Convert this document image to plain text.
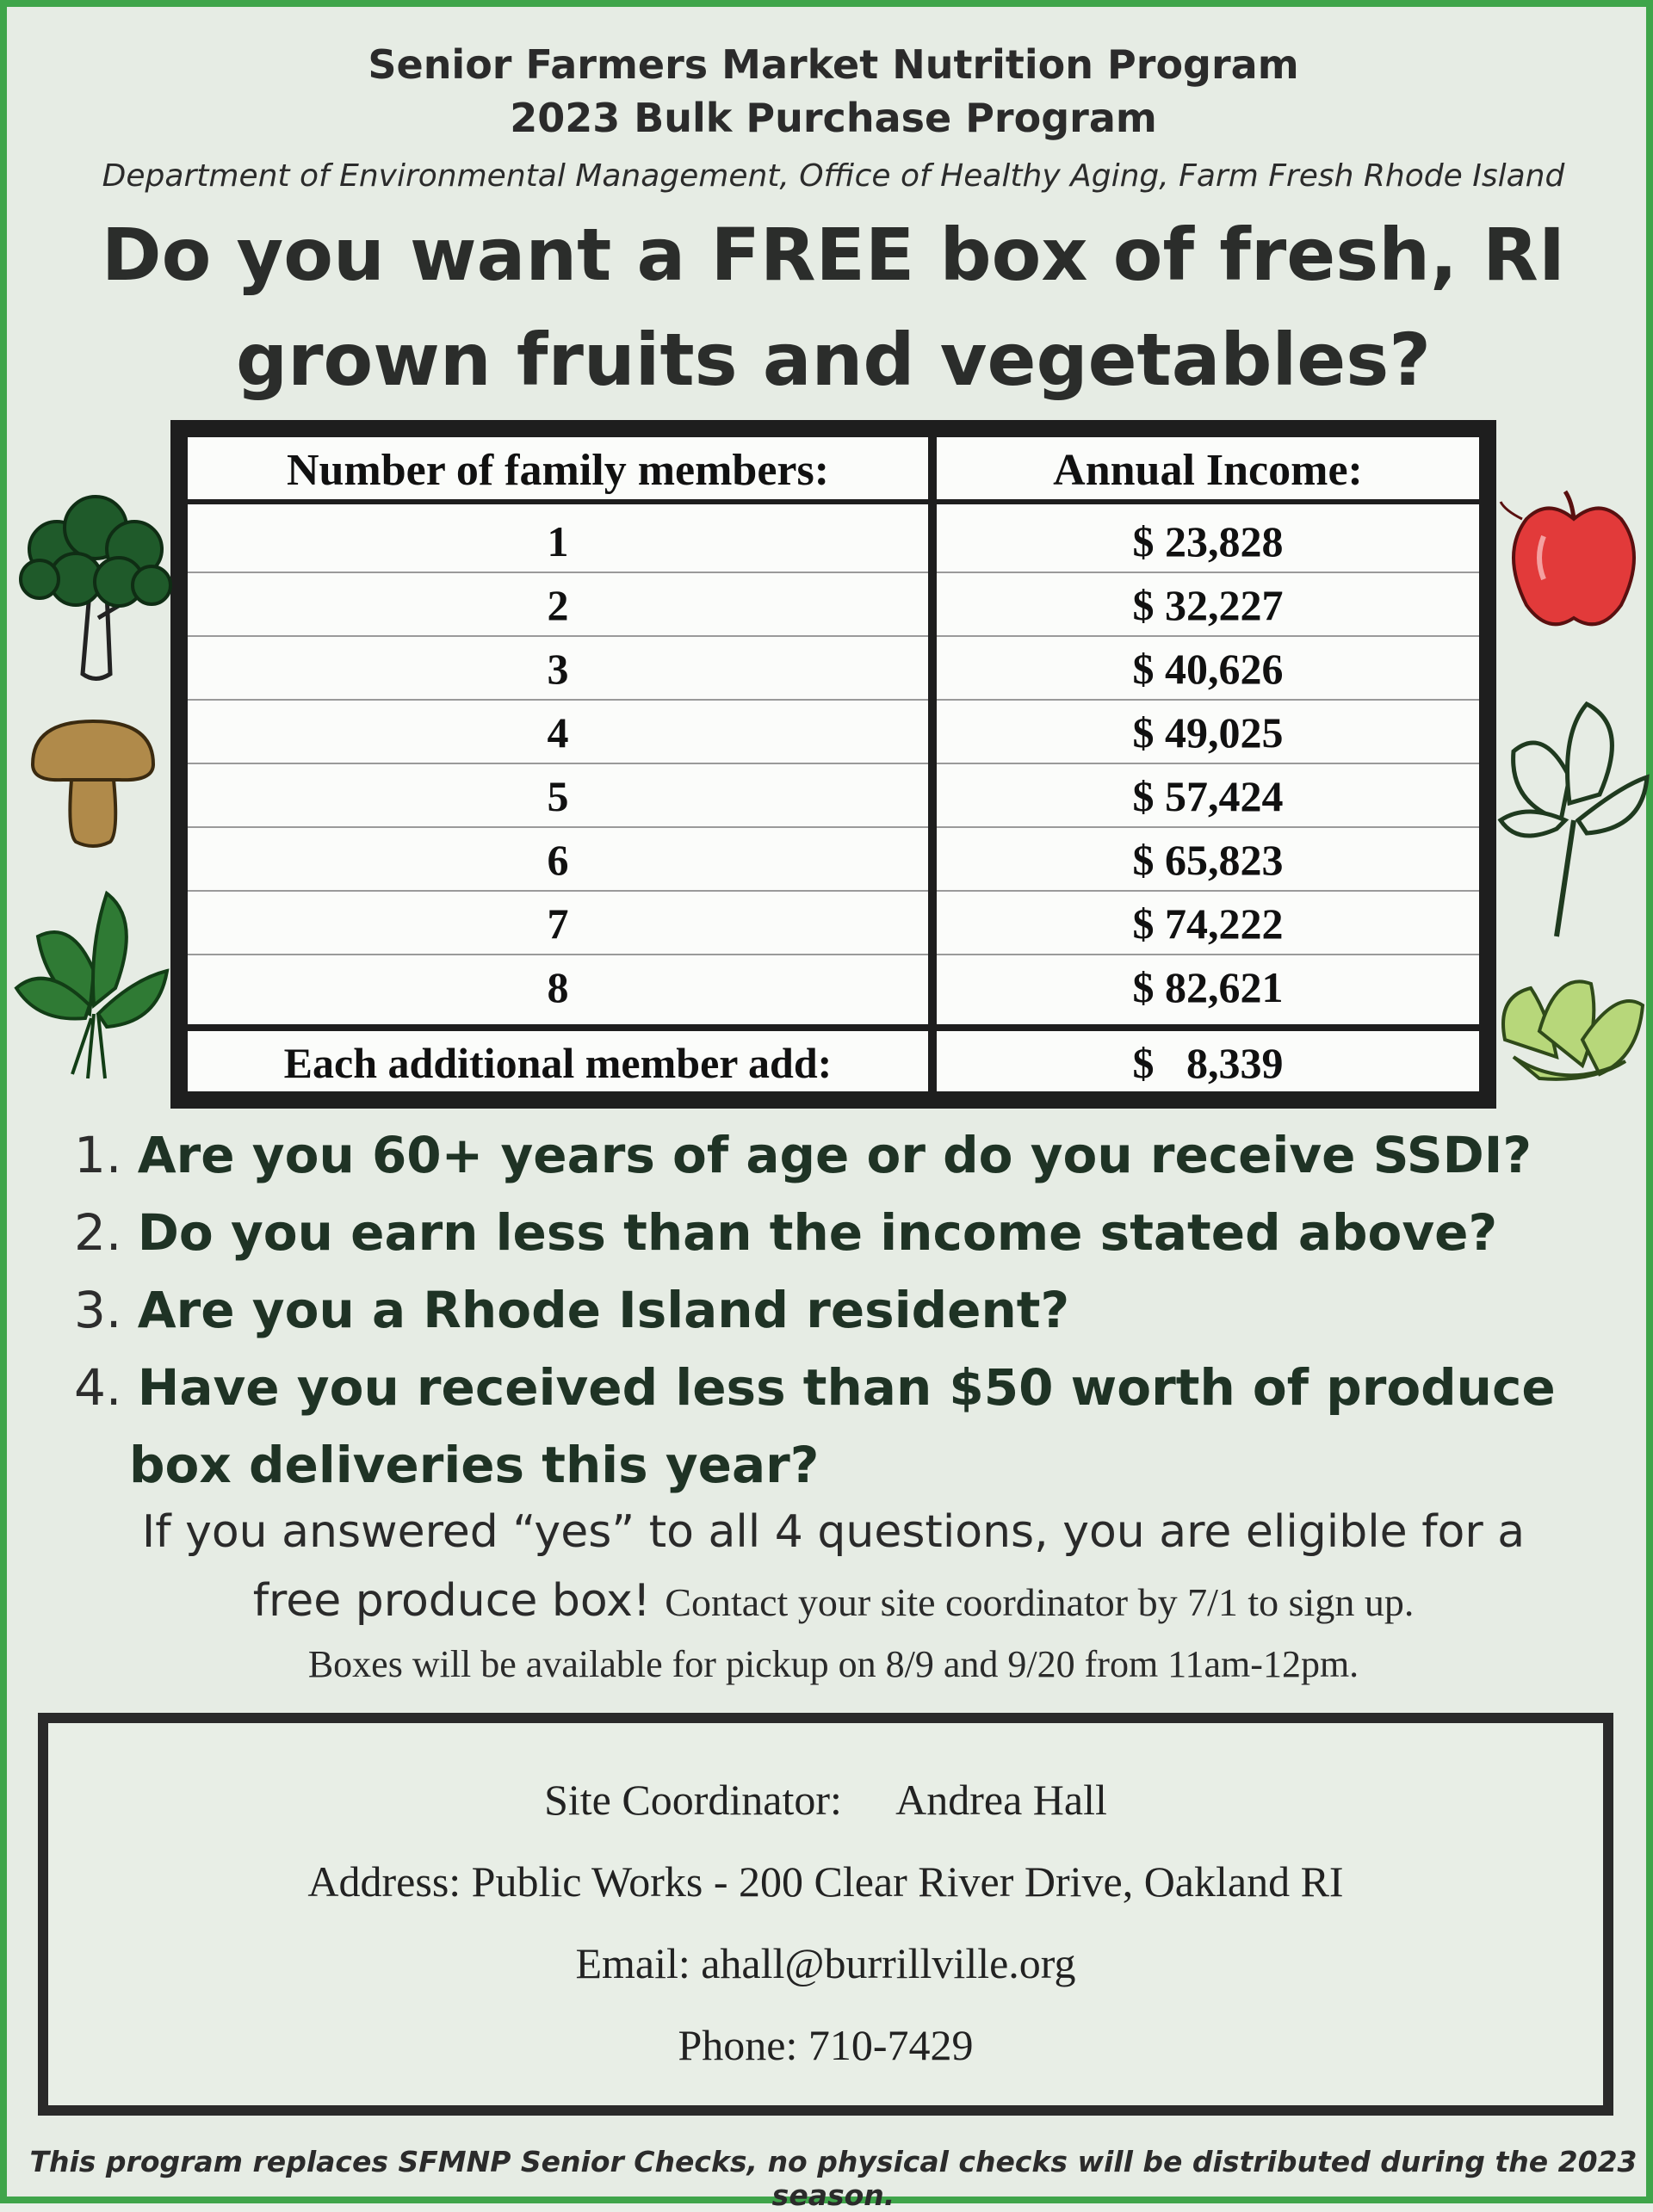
Senior Farmers Market Nutrition Program
2023 Bulk Purchase Program
Department of Environmental Management, Office of Healthy Aging, Farm Fresh Rhode Island
Do you want a FREE box of fresh, RI
grown fruits and vegetables?
Number of family members:
1
2
3
4
5
6
7
8
Each additional member add:
Annual Income:
$ 23,828
$ 32,227
$ 40,626
$ 49,025
$ 57,424
$ 65,823
$ 74,222
$ 82,621
$   8,339
1. Are you 60+ years of age or do you receive SSDI?
2. Do you earn less than the income stated above?
3. Are you a Rhode Island resident?
4. Have you received less than $50 worth of produce
box deliveries this year?
If you answered “yes” to all 4 questions, you are eligible for a
free produce box! Contact your site coordinator by 7/1 to sign up.
Boxes will be available for pickup on 8/9 and 9/20 from 11am-12pm.
Site Coordinator: Andrea Hall
Address: Public Works - 200 Clear River Drive, Oakland RI
Email: ahall@burrillville.org
Phone: 710-7429
This program replaces SFMNP Senior Checks, no physical checks will be distributed during the 2023 season.
